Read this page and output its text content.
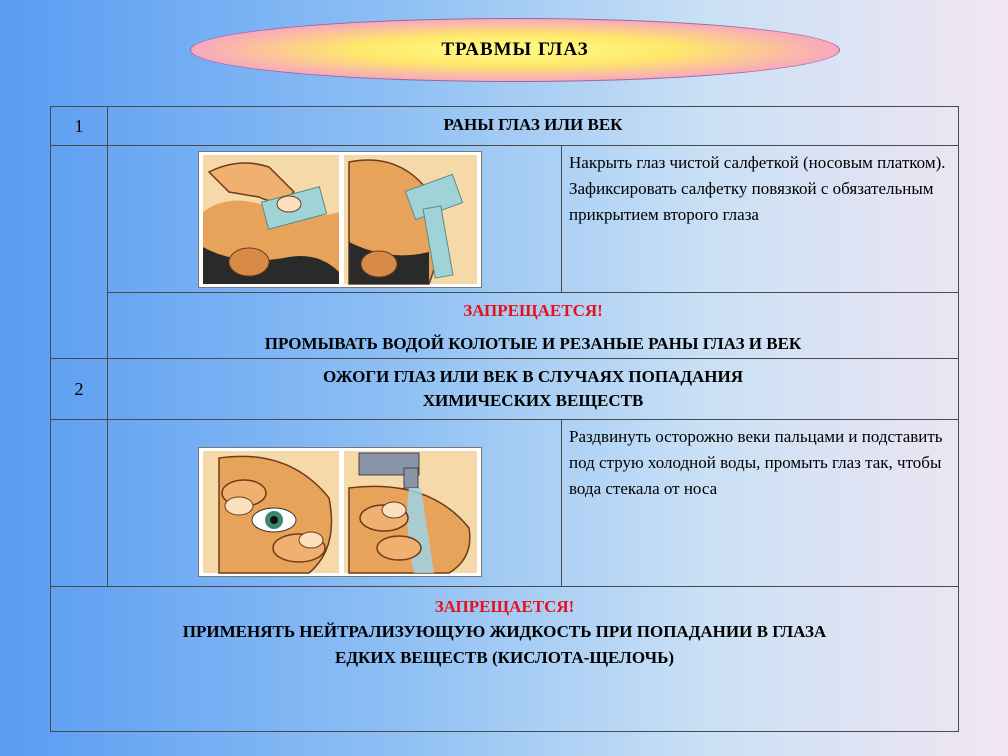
ТРАВМЫ ГЛАЗ
1	РАНЫ ГЛАЗ ИЛИ ВЕК
Накрыть глаз чистой салфеткой (носовым платком). Зафиксировать салфетку повязкой с обязательным прикрытием второго глаза
ЗАПРЕЩАЕТСЯ!
ПРОМЫВАТЬ ВОДОЙ КОЛОТЫЕ И РЕЗАНЫЕ РАНЫ ГЛАЗ И ВЕК
2
ОЖОГИ ГЛАЗ ИЛИ ВЕК В СЛУЧАЯХ ПОПАДАНИЯ
ХИМИЧЕСКИХ ВЕЩЕСТВ
Раздвинуть осторожно веки пальцами и подставить под струю холодной воды, промыть глаз так, чтобы вода стекала от носа
ЗАПРЕЩАЕТСЯ!
ПРИМЕНЯТЬ НЕЙТРАЛИЗУЮЩУЮ ЖИДКОСТЬ ПРИ ПОПАДАНИИ В ГЛАЗА
ЕДКИХ ВЕЩЕСТВ (КИСЛОТА-ЩЕЛОЧЬ)
